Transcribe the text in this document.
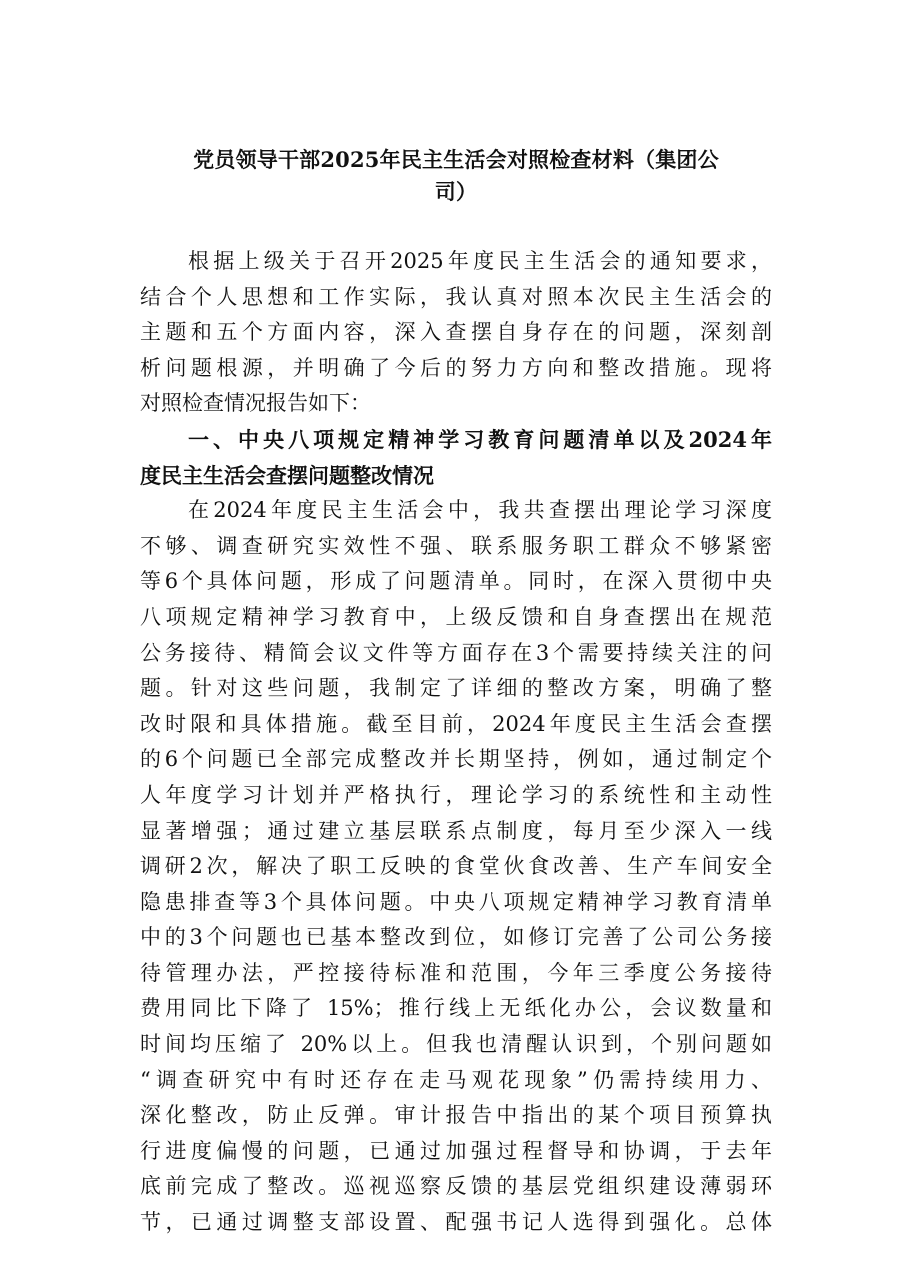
党员领导干部2025年民主生活会对照检查材料（集团公
司）
根据上级关于召开2025年度民主生活会的通知要求，
结合个人思想和工作实际，我认真对照本次民主生活会的
主题和五个方面内容，深入查摆自身存在的问题，深刻剖
析问题根源，并明确了今后的努力方向和整改措施。现将
对照检查情况报告如下：
一、中央八项规定精神学习教育问题清单以及2024年
度民主生活会查摆问题整改情况
在2024年度民主生活会中，我共查摆出理论学习深度
不够、调查研究实效性不强、联系服务职工群众不够紧密
等6个具体问题，形成了问题清单。同时，在深入贯彻中央
八项规定精神学习教育中，上级反馈和自身查摆出在规范
公务接待、精简会议文件等方面存在3个需要持续关注的问
题。针对这些问题，我制定了详细的整改方案，明确了整
改时限和具体措施。截至目前，2024年度民主生活会查摆
的6个问题已全部完成整改并长期坚持，例如，通过制定个
人年度学习计划并严格执行，理论学习的系统性和主动性
显著增强；通过建立基层联系点制度，每月至少深入一线
调研2次，解决了职工反映的食堂伙食改善、生产车间安全
隐患排查等3个具体问题。中央八项规定精神学习教育清单
中的3个问题也已基本整改到位，如修订完善了公司公务接
待管理办法，严控接待标准和范围，今年三季度公务接待
费用同比下降了 15%；推行线上无纸化办公，会议数量和
时间均压缩了 20%以上。但我也清醒认识到，个别问题如
“调查研究中有时还存在走马观花现象”仍需持续用力、
深化整改，防止反弹。审计报告中指出的某个项目预算执
行进度偏慢的问题，已通过加强过程督导和协调，于去年
底前完成了整改。巡视巡察反馈的基层党组织建设薄弱环
节，已通过调整支部设置、配强书记人选得到强化。总体
